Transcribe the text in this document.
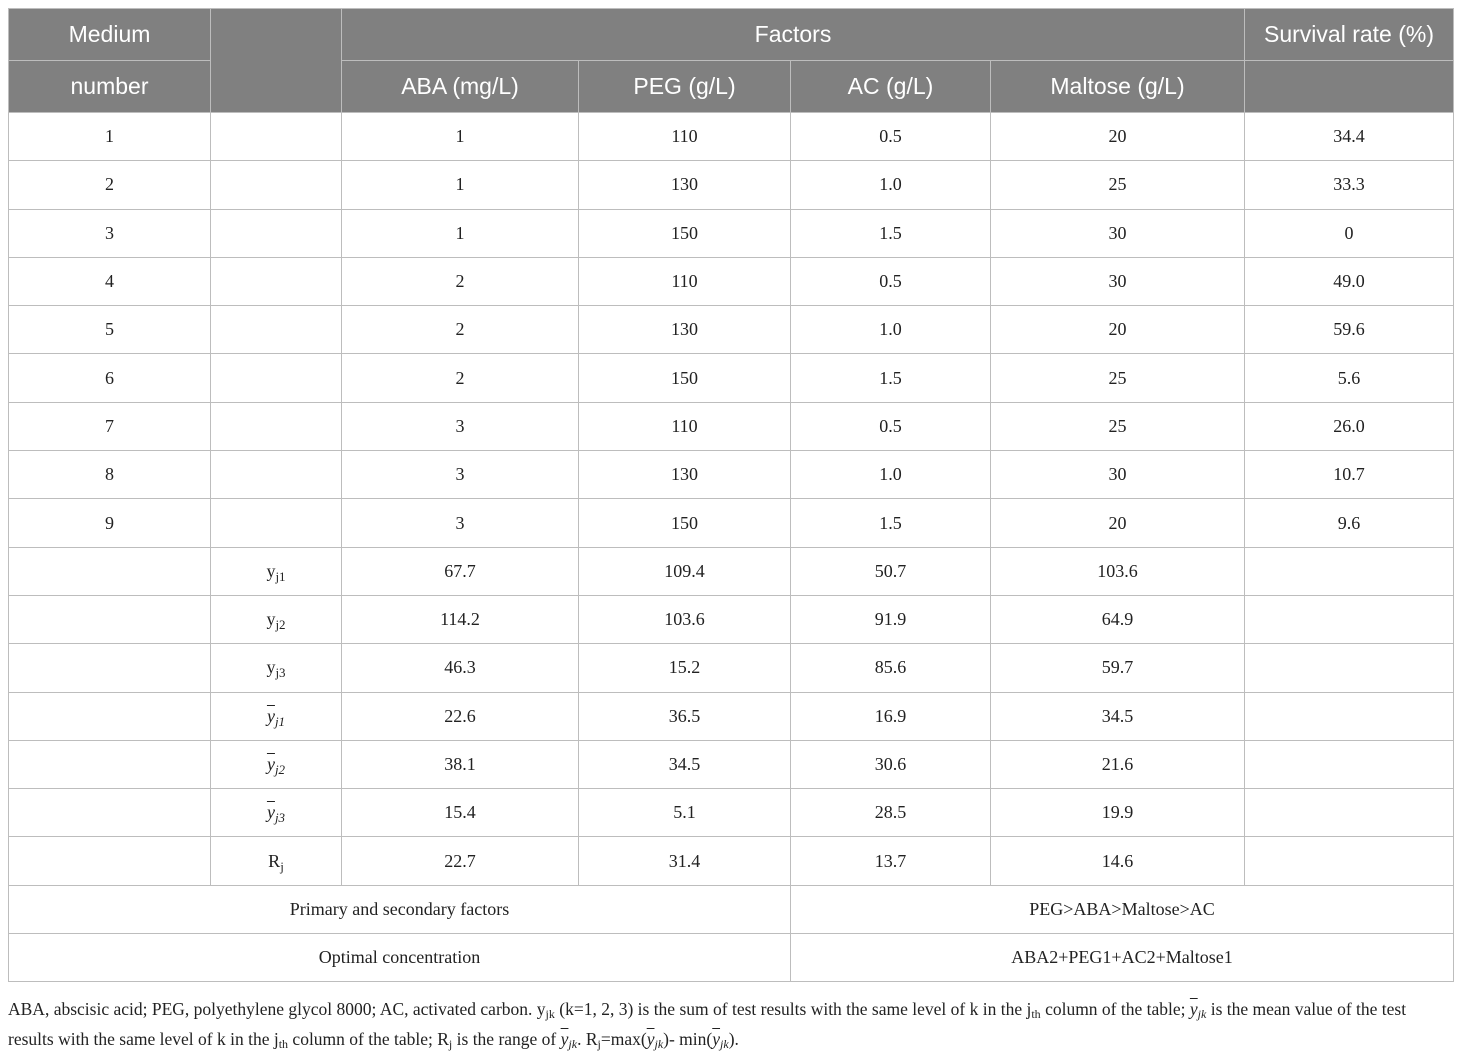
Medium		Factors				Survival rate (%)
number		ABA (mg/L)	PEG (g/L)	AC (g/L)	Maltose (g/L)	
1		1	110	0.5	20	34.4
2		1	130	1.0	25	33.3
3		1	150	1.5	30	0
4		2	110	0.5	30	49.0
5		2	130	1.0	20	59.6
6		2	150	1.5	25	5.6
7		3	110	0.5	25	26.0
8		3	130	1.0	30	10.7
9		3	150	1.5	20	9.6
	$y_{j1}$	67.7	109.4	50.7	103.6	
	$y_{j2}$	114.2	103.6	91.9	64.9	
	$y_{j3}$	46.3	15.2	85.6	59.7	
	$\overline{y}_{j1}$	22.6	36.5	16.9	34.5	
	$\overline{y}_{j2}$	38.1	34.5	30.6	21.6	
	$\overline{y}_{j3}$	15.4	5.1	28.5	19.9	
	$R_j$	22.7	31.4	13.7	14.6	
Primary and secondary factors				PEG>ABA>Maltose>AC		
Optimal concentration				ABA2+PEG1+AC2+Maltose1		
ABA, abscisic acid; PEG, polyethylene glycol 8000; AC, activated carbon. yjk (k=1, 2, 3) is the sum of test results with the same level of k in the jth column of the table; $\overline{y}jk$ is the mean value of the test results with the same level of k in the jth column of the table; Rj is the range of $\overline{y}jk$. $Rj=\max(\overline{y}jk)-$ $\min(\overline{y}jk)$.
